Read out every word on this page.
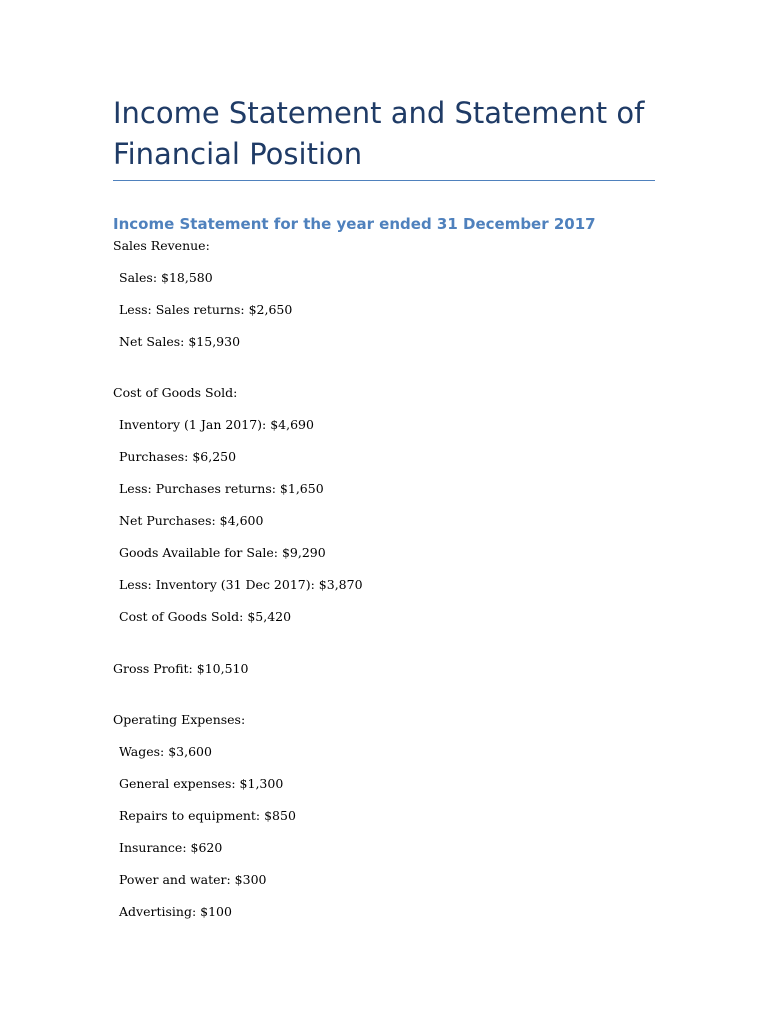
Income Statement and Statement of Financial Position
Income Statement for the year ended 31 December 2017

Sales Revenue:

Sales: $18,580

Less: Sales returns: $2,650

Net Sales: $15,930

Cost of Goods Sold:

Inventory (1 Jan 2017): $4,690

Purchases: $6,250

Less: Purchases returns: $1,650

Net Purchases: $4,600

Goods Available for Sale: $9,290

Less: Inventory (31 Dec 2017): $3,870

Cost of Goods Sold: $5,420

Gross Profit: $10,510

Operating Expenses:

Wages: $3,600

General expenses: $1,300

Repairs to equipment: $850

Insurance: $620

Power and water: $300

Advertising: $100
